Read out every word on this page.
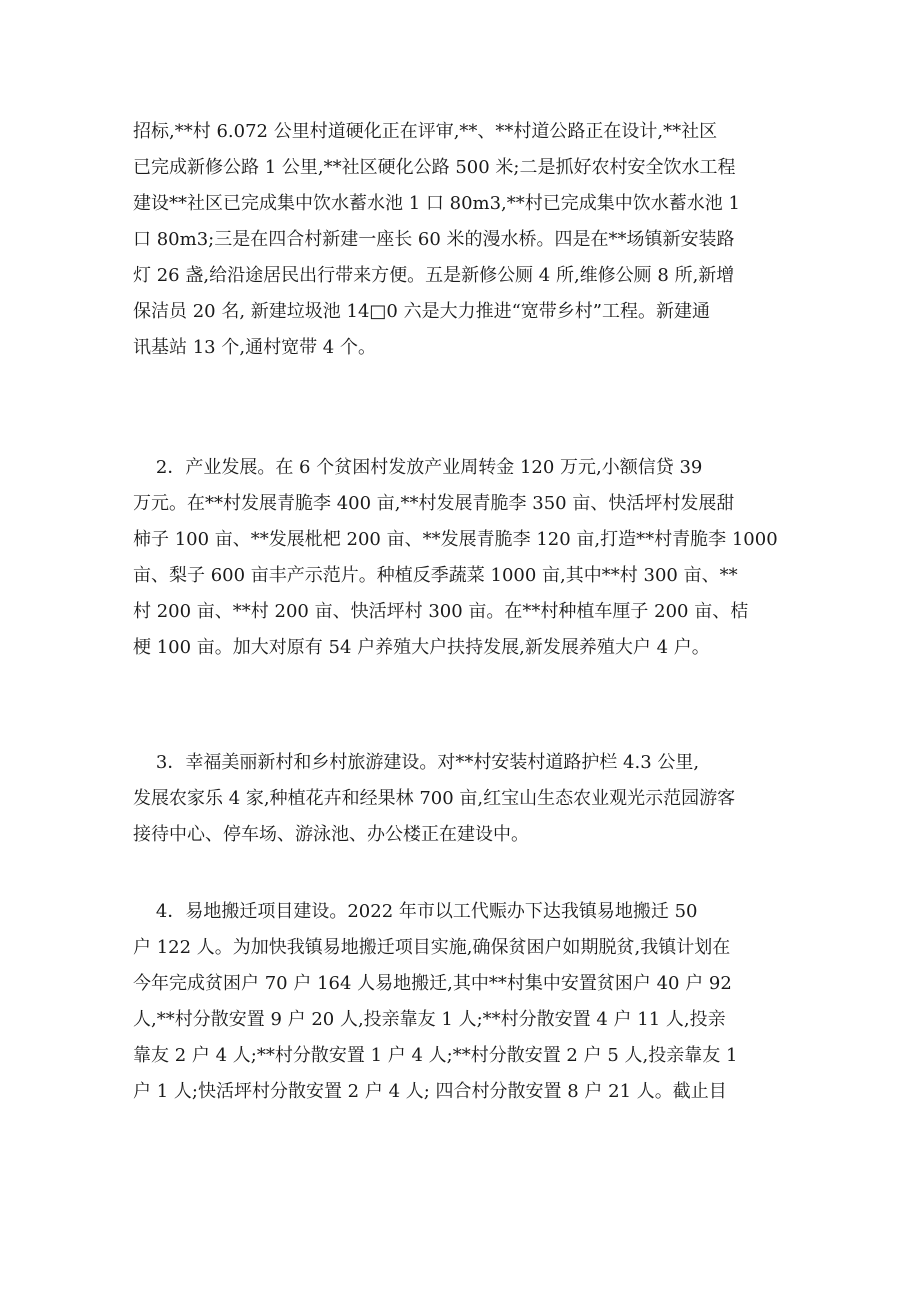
招标,**村 6.072 公里村道硬化正在评审,**、**村道公路正在设计,**社区
已完成新修公路 1 公里,**社区硬化公路 500 米;二是抓好农村安全饮水工程
建设**社区已完成集中饮水蓄水池 1 口 80m3,**村已完成集中饮水蓄水池 1
口 80m3;三是在四合村新建一座长 60 米的漫水桥。四是在**场镇新安装路
灯 26 盏,给沿途居民出行带来方便。五是新修公厕 4 所,维修公厕 8 所,新增
保洁员 20 名, 新建垃圾池 14□0 六是大力推进“宽带乡村”工程。新建通
讯基站 13 个,通村宽带 4 个。
2．产业发展。在 6 个贫困村发放产业周转金 120 万元,小额信贷 39
万元。在**村发展青脆李 400 亩,**村发展青脆李 350 亩、快活坪村发展甜
柿子 100 亩、**发展枇杷 200 亩、**发展青脆李 120 亩,打造**村青脆李 1000
亩、梨子 600 亩丰产示范片。种植反季蔬菜 1000 亩,其中**村 300 亩、**
村 200 亩、**村 200 亩、快活坪村 300 亩。在**村种植车厘子 200 亩、桔
梗 100 亩。加大对原有 54 户养殖大户扶持发展,新发展养殖大户 4 户。
3．幸福美丽新村和乡村旅游建设。对**村安装村道路护栏 4.3 公里,
发展农家乐 4 家,种植花卉和经果林 700 亩,红宝山生态农业观光示范园游客
接待中心、停车场、游泳池、办公楼正在建设中。
4．易地搬迁项目建设。2022 年市以工代赈办下达我镇易地搬迁 50
户 122 人。为加快我镇易地搬迁项目实施,确保贫困户如期脱贫,我镇计划在
今年完成贫困户 70 户 164 人易地搬迁,其中**村集中安置贫困户 40 户 92
人,**村分散安置 9 户 20 人,投亲靠友 1 人;**村分散安置 4 户 11 人,投亲
靠友 2 户 4 人;**村分散安置 1 户 4 人;**村分散安置 2 户 5 人,投亲靠友 1
户 1 人;快活坪村分散安置 2 户 4 人; 四合村分散安置 8 户 21 人。截止目
